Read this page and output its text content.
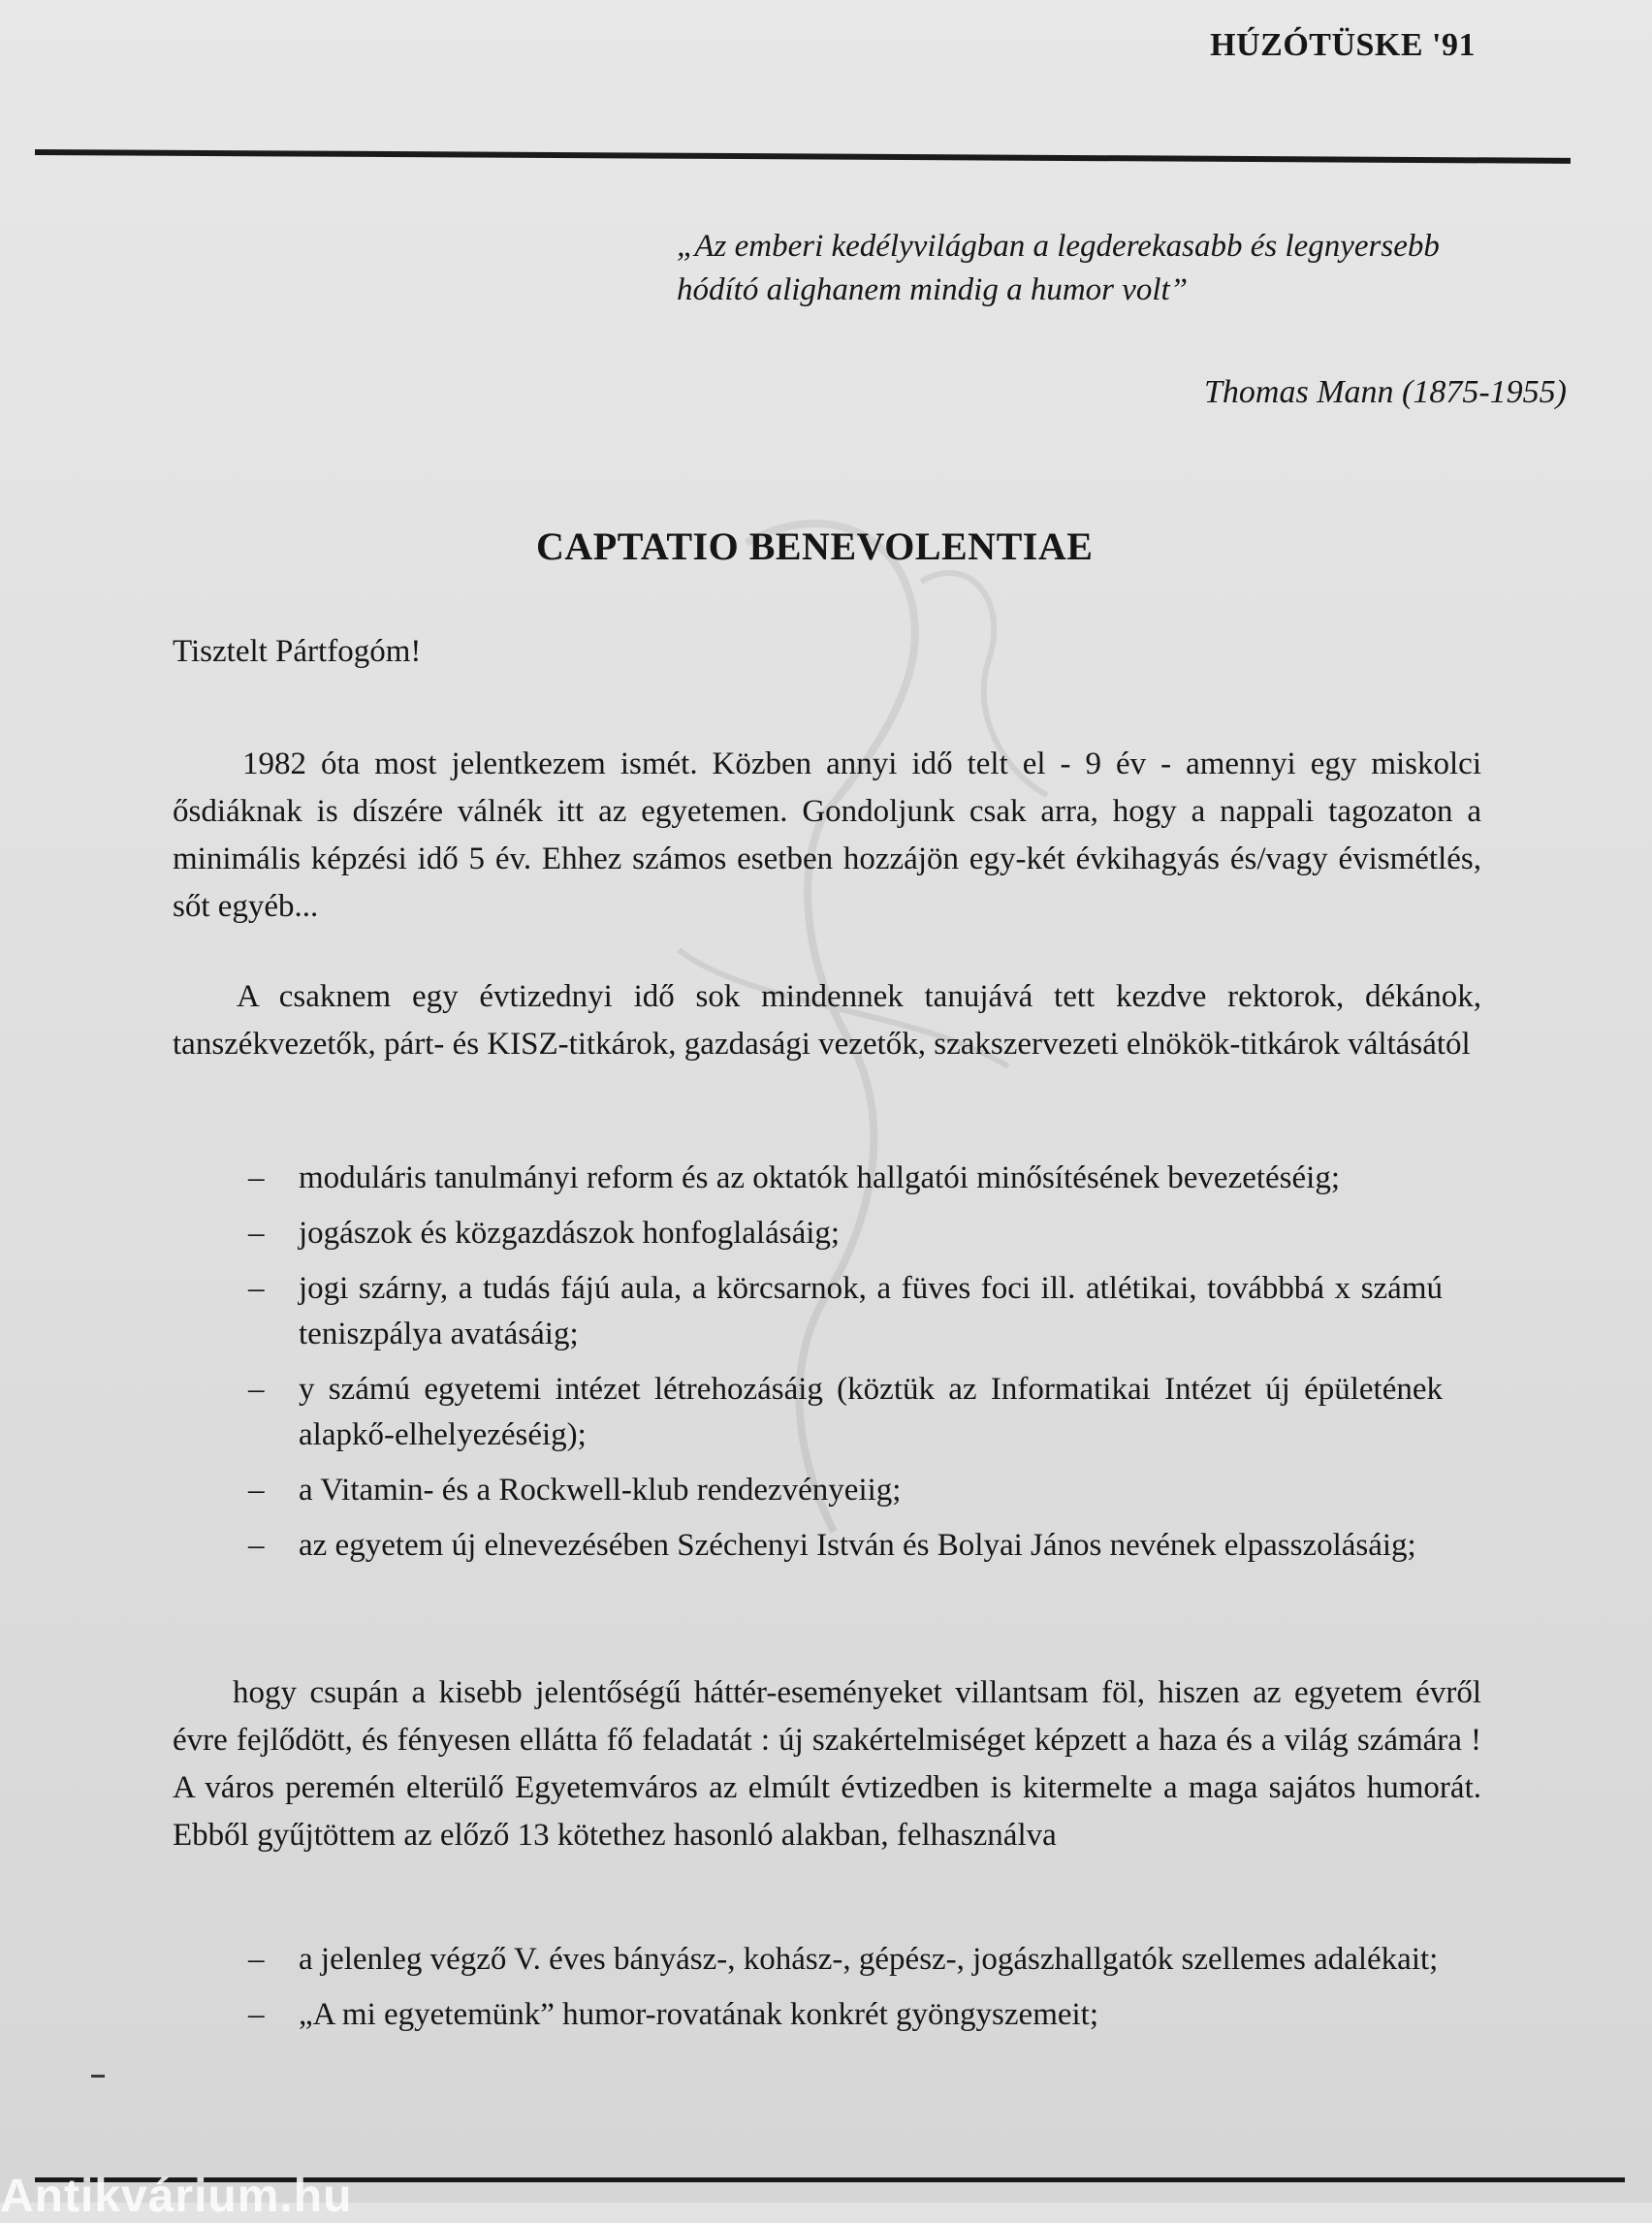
HÚZÓTÜSKE '91
„Az emberi kedélyvilágban a legderekasabb és legnyersebb
hódító alighanem mindig a humor volt”
Thomas Mann (1875-1955)
CAPTATIO BENEVOLENTIAE
Tisztelt Pártfogóm!
1982 óta most jelentkezem ismét. Közben annyi idő telt el - 9 év - amennyi egy miskolci ősdiáknak is díszére válnék itt az egyetemen. Gondoljunk csak arra, hogy a nappali tagozaton a minimális képzési idő 5 év. Ehhez számos esetben hozzájön egy-két évkihagyás és/vagy évismétlés, sőt egyéb...
A csaknem egy évtizednyi idő sok mindennek tanujává tett kezdve rektorok, dékánok, tanszékvezetők, párt- és KISZ-titkárok, gazdasági vezetők, szakszervezeti elnökök-titkárok váltásától
– moduláris tanulmányi reform és az oktatók hallgatói minősítésének bevezetéséig;
– jogászok és közgazdászok honfoglalásáig;
– jogi szárny, a tudás fájú aula, a körcsarnok, a füves foci ill. atlétikai, továbbbá x számú teniszpálya avatásáig;
– y számú egyetemi intézet létrehozásáig (köztük az Informatikai Intézet új épületének alapkő-elhelyezéséig);
– a Vitamin- és a Rockwell-klub rendezvényeiig;
– az egyetem új elnevezésében Széchenyi István és Bolyai János nevének elpasszolásáig;
hogy csupán a kisebb jelentőségű háttér-eseményeket villantsam föl, hiszen az egyetem évről évre fejlődött, és fényesen ellátta fő feladatát : új szakértelmiséget képzett a haza és a világ számára ! A város peremén elterülő Egyetemváros az elmúlt évtizedben is kitermelte a maga sajátos humorát. Ebből gyűjtöttem az előző 13 kötethez hasonló alakban, felhasználva
– a jelenleg végző V. éves bányász-, kohász-, gépész-, jogászhallgatók szellemes adalékait;
– „A mi egyetemünk” humor-rovatának konkrét gyöngyszemeit;
Antikvárium.hu
